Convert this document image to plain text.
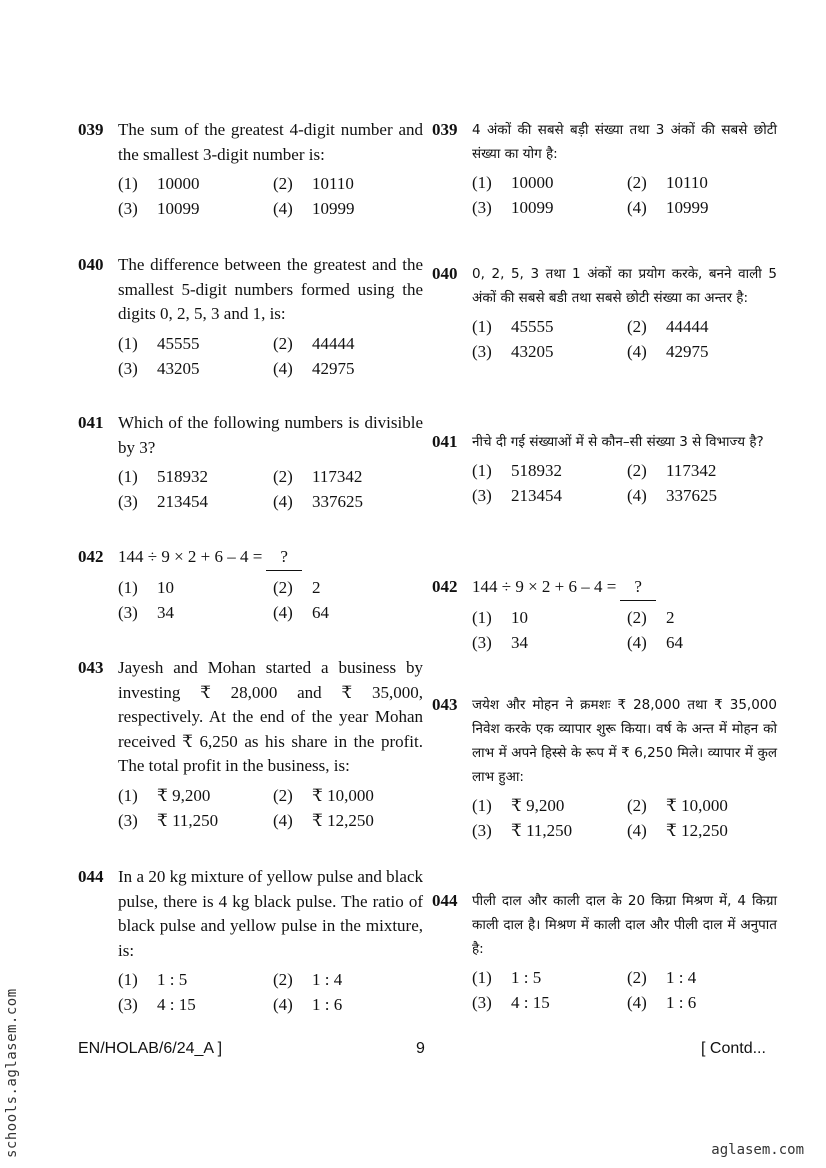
039 The sum of the greatest 4-digit number and the smallest 3-digit number is:
(1)	10000	(2)	10110
(3)	10099	(4)	10999
040 The difference between the greatest and the smallest 5-digit numbers formed using the digits 0, 2, 5, 3 and 1, is:
(1)	45555	(2)	44444
(3)	43205	(4)	42975
041 Which of the following numbers is divisible by 3?
(1)	518932	(2)	117342
(3)	213454	(4)	337625
042 144 ÷ 9 × 2 + 6 – 4 = ?
(1)	10	(2)	2
(3)	34	(4)	64
043 Jayesh and Mohan started a business by investing ₹ 28,000 and ₹ 35,000, respectively. At the end of the year Mohan received ₹ 6,250 as his share in the profit. The total profit in the business, is:
(1)	₹ 9,200	(2)	₹ 10,000
(3)	₹ 11,250	(4)	₹ 12,250
044 In a 20 kg mixture of yellow pulse and black pulse, there is 4 kg black pulse. The ratio of black pulse and yellow pulse in the mixture, is:
(1)	1 : 5	(2)	1 : 4
(3)	4 : 15	(4)	1 : 6
039	4 अंकों की सबसे बड़ी संख्या तथा 3 अंकों की सबसे छोटी संख्या का योग है:
(1)	10000	(2)	10110
(3)	10099	(4)	10999
040	0, 2, 5, 3 तथा 1 अंकों का प्रयोग करके, बनने वाली 5 अंकों की सबसे बडी तथा सबसे छोटी संख्या का अन्तर है:
(1)	45555	(2)	44444
(3)	43205	(4)	42975
041	नीचे दी गई संख्याओं में से कौन–सी संख्या 3 से विभाज्य है?
(1)	518932	(2)	117342
(3)	213454	(4)	337625
042 144 ÷ 9 × 2 + 6 – 4 = ?
(1)	10	(2)	2
(3)	34	(4)	64
043	जयेश और मोहन ने क्रमशः ₹ 28,000 तथा ₹ 35,000 निवेश करके एक व्यापार शुरू किया। वर्ष के अन्त में मोहन को लाभ में अपने हिस्से के रूप में ₹ 6,250 मिले। व्यापार में कुल लाभ हुआ:
(1)	₹ 9,200	(2)	₹ 10,000
(3)	₹ 11,250	(4)	₹ 12,250
044	पीली दाल और काली दाल के 20 किग्रा मिश्रण में, 4 किग्रा काली दाल है। मिश्रण में काली दाल और पीली दाल में अनुपात है:
(1)	1 : 5	(2)	1 : 4
(3)	4 : 15	(4)	1 : 6
EN/HOLAB/6/24_A ]	9	[ Contd...
schools.aglasem.com	aglasem.com
